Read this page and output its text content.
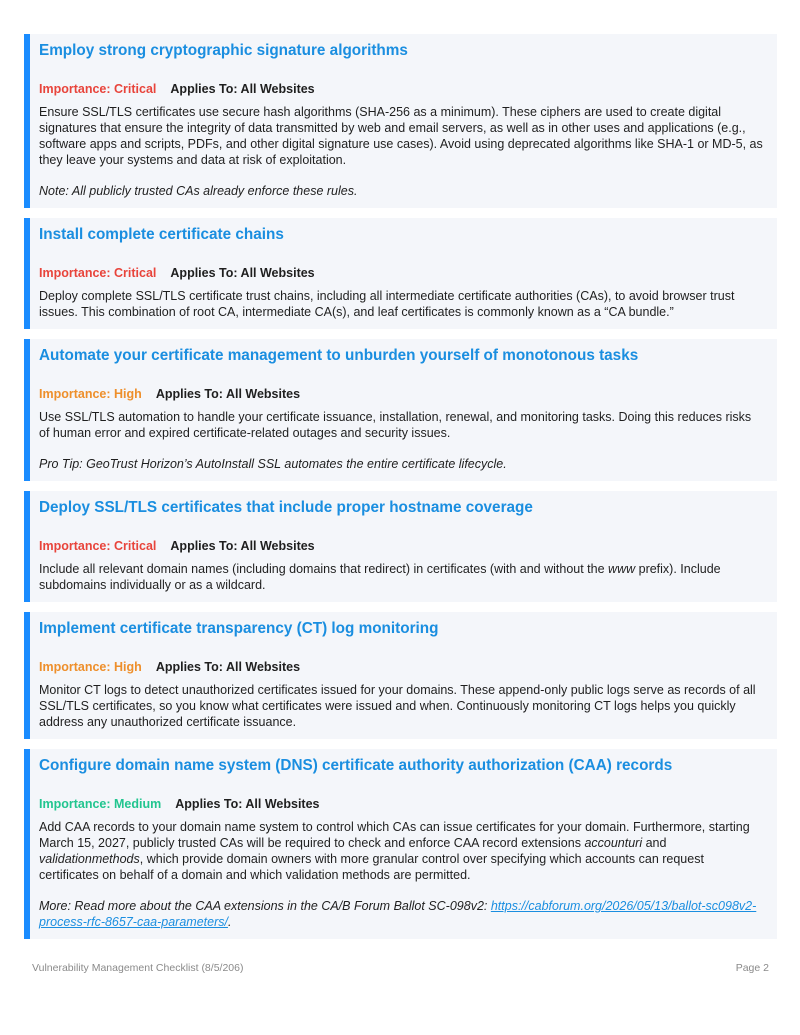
Employ strong cryptographic signature algorithms
Importance: Critical Applies To: All Websites
Ensure SSL/TLS certificates use secure hash algorithms (SHA-256 as a minimum). These ciphers are used to create digital signatures that ensure the integrity of data transmitted by web and email servers, as well as in other uses and applications (e.g., software apps and scripts, PDFs, and other digital signature use cases). Avoid using deprecated algorithms like SHA-1 or MD-5, as they leave your systems and data at risk of exploitation.
Note: All publicly trusted CAs already enforce these rules.
Install complete certificate chains
Importance: Critical Applies To: All Websites
Deploy complete SSL/TLS certificate trust chains, including all intermediate certificate authorities (CAs), to avoid browser trust issues. This combination of root CA, intermediate CA(s), and leaf certificates is commonly known as a “CA bundle.”
Automate your certificate management to unburden yourself of monotonous tasks
Importance: High Applies To: All Websites
Use SSL/TLS automation to handle your certificate issuance, installation, renewal, and monitoring tasks. Doing this reduces risks of human error and expired certificate-related outages and security issues.
Pro Tip: GeoTrust Horizon’s AutoInstall SSL automates the entire certificate lifecycle.
Deploy SSL/TLS certificates that include proper hostname coverage
Importance: Critical Applies To: All Websites
Include all relevant domain names (including domains that redirect) in certificates (with and without the www prefix). Include subdomains individually or as a wildcard.
Implement certificate transparency (CT) log monitoring
Importance: High Applies To: All Websites
Monitor CT logs to detect unauthorized certificates issued for your domains. These append-only public logs serve as records of all SSL/TLS certificates, so you know what certificates were issued and when. Continuously monitoring CT logs helps you quickly address any unauthorized certificate issuance.
Configure domain name system (DNS) certificate authority authorization (CAA) records
Importance: Medium Applies To: All Websites
Add CAA records to your domain name system to control which CAs can issue certificates for your domain. Furthermore, starting March 15, 2027, publicly trusted CAs will be required to check and enforce CAA record extensions accounturi and validationmethods, which provide domain owners with more granular control over specifying which accounts can request certificates on behalf of a domain and which validation methods are permitted.
More: Read more about the CAA extensions in the CA/B Forum Ballot SC-098v2: https://cabforum.org/2026/05/13/ballot-sc098v2-process-rfc-8657-caa-parameters/.
Vulnerability Management Checklist (8/5/206)	Page 2
